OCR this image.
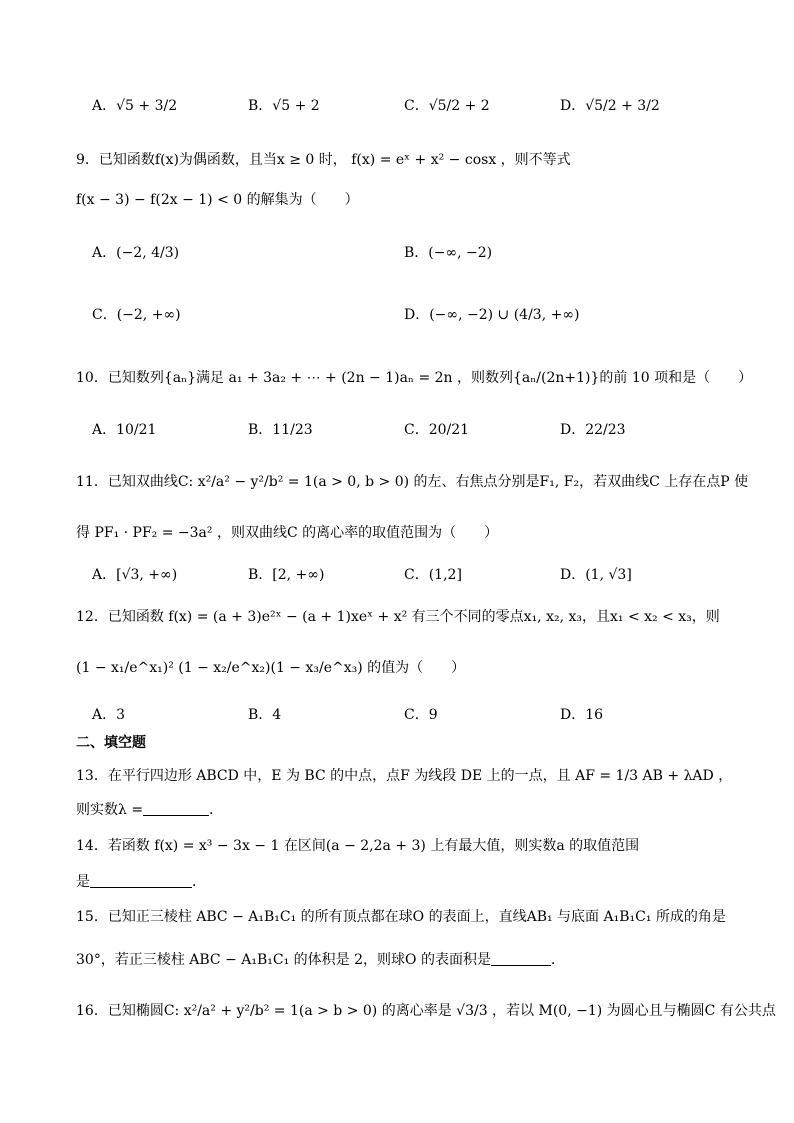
A．√5 + 3/2	B．√5 + 2	C．√5/2 + 2	D．√5/2 + 3/2
9．已知函数f(x)为偶函数，且当x ≥ 0 时， f(x) = eˣ + x² − cosx ，则不等式
f(x − 3) − f(2x − 1) < 0 的解集为（　　）
A．(−2, 4/3)	B．(−∞, −2)
C．(−2, +∞)	D．(−∞, −2) ∪ (4/3, +∞)
10．已知数列{aₙ}满足 a₁ + 3a₂ + ⋯ + (2n − 1)aₙ = 2n ，则数列{aₙ/(2n+1)}的前 10 项和是（　　）
A．10/21	B．11/23	C．20/21	D．22/23
11．已知双曲线C: x²/a² − y²/b² = 1(a > 0, b > 0) 的左、右焦点分别是F₁, F₂，若双曲线C 上存在点P 使
得 PF₁ · PF₂ = −3a² ，则双曲线C 的离心率的取值范围为（　　）
A．[√3, +∞)	B．[2, +∞)	C．(1,2]	D．(1, √3]
12．已知函数 f(x) = (a + 3)e²ˣ − (a + 1)xeˣ + x² 有三个不同的零点x₁, x₂, x₃，且x₁ < x₂ < x₃，则
(1 − x₁/e^x₁)² (1 − x₂/e^x₂)(1 − x₃/e^x₃) 的值为（　　）
A．3	B．4	C．9	D．16
二、填空题
13．在平行四边形 ABCD 中，E 为 BC 的中点，点F 为线段 DE 上的一点，且 AF = 1/3 AB + λAD ，
则实数λ =	．
14．若函数 f(x) = x³ − 3x − 1 在区间(a − 2,2a + 3) 上有最大值，则实数a 的取值范围
是	．
15．已知正三棱柱 ABC − A₁B₁C₁ 的所有顶点都在球O 的表面上，直线AB₁ 与底面 A₁B₁C₁ 所成的角是
30°，若正三棱柱 ABC − A₁B₁C₁ 的体积是 2，则球O 的表面积是	．
16．已知椭圆C: x²/a² + y²/b² = 1(a > b > 0) 的离心率是 √3/3 ，若以 M(0, −1) 为圆心且与椭圆C 有公共点
